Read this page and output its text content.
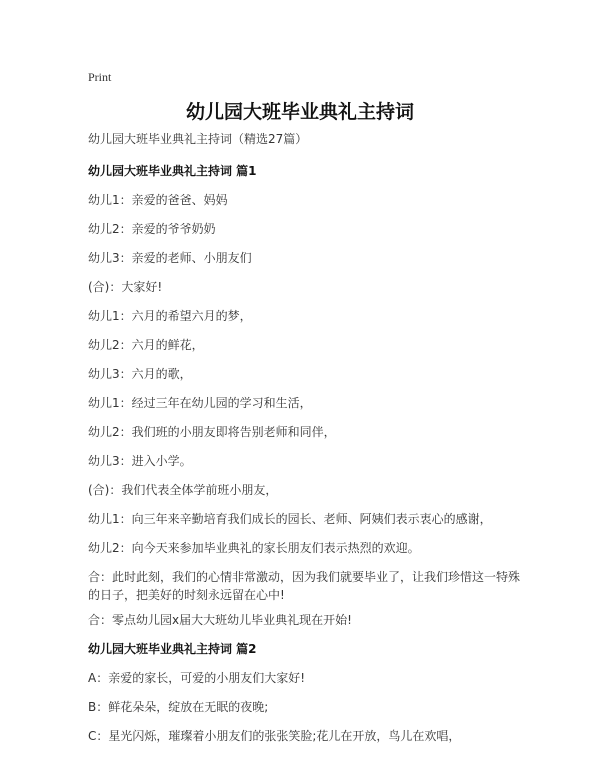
Print
幼儿园大班毕业典礼主持词
幼儿园大班毕业典礼主持词（精选27篇）
幼儿园大班毕业典礼主持词 篇1
幼儿1：亲爱的爸爸、妈妈
幼儿2：亲爱的爷爷奶奶
幼儿3：亲爱的老师、小朋友们
(合)：大家好!
幼儿1：六月的希望六月的梦，
幼儿2：六月的鲜花，
幼儿3：六月的歌，
幼儿1：经过三年在幼儿园的学习和生活，
幼儿2：我们班的小朋友即将告别老师和同伴，
幼儿3：进入小学。
(合)：我们代表全体学前班小朋友，
幼儿1：向三年来辛勤培育我们成长的园长、老师、阿姨们表示衷心的感谢，
幼儿2：向今天来参加毕业典礼的家长朋友们表示热烈的欢迎。
合：此时此刻，我们的心情非常激动，因为我们就要毕业了，让我们珍惜这一特殊的日子，把美好的时刻永远留在心中!
合：零点幼儿园x届大大班幼儿毕业典礼现在开始!
幼儿园大班毕业典礼主持词 篇2
A：亲爱的家长，可爱的小朋友们大家好!
B：鲜花朵朵，绽放在无眠的夜晚;
C：星光闪烁，璀璨着小朋友们的张张笑脸;花儿在开放，鸟儿在欢唱，
